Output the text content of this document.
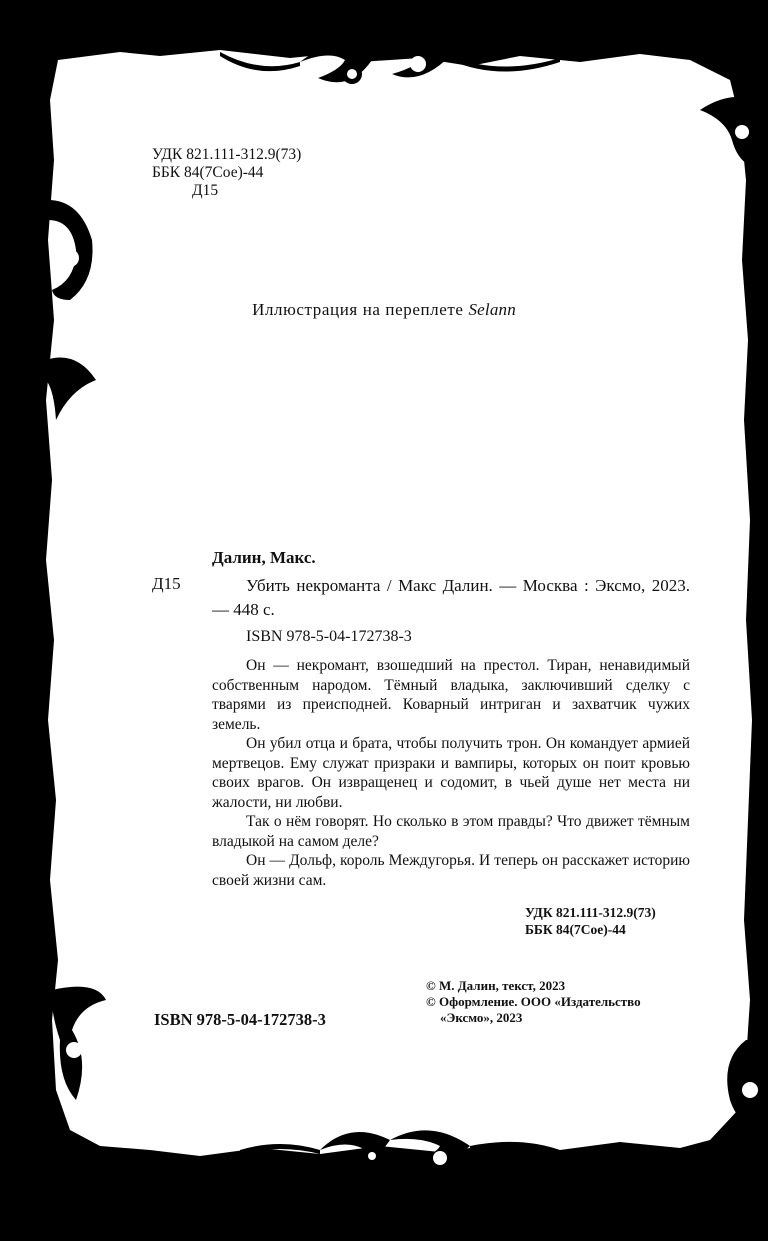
УДК 821.111-312.9(73)
ББК 84(7Сое)-44
Д15
Иллюстрация на переплете Selann
Далин, Макс.
Д15	Убить некроманта / Макс Далин. — Москва : Эксмо, 2023. — 448 с.
ISBN 978-5-04-172738-3

Он — некромант, взошедший на престол. Тиран, ненавидимый собственным народом. Тёмный владыка, заключивший сделку с тварями из преисподней. Коварный интриган и захватчик чужих земель.

Он убил отца и брата, чтобы получить трон. Он командует армией мертвецов. Ему служат призраки и вампиры, которых он поит кровью своих врагов. Он извращенец и содомит, в чьей душе нет места ни жалости, ни любви.

Так о нём говорят. Но сколько в этом правды? Что движет тёмным владыкой на самом деле?

Он — Дольф, король Междугорья. И теперь он расскажет историю своей жизни сам.

УДК 821.111-312.9(73)
ББК 84(7Сое)-44
© М. Далин, текст, 2023
© Оформление. ООО «Издательство
«Эксмо», 2023
ISBN 978-5-04-172738-3
